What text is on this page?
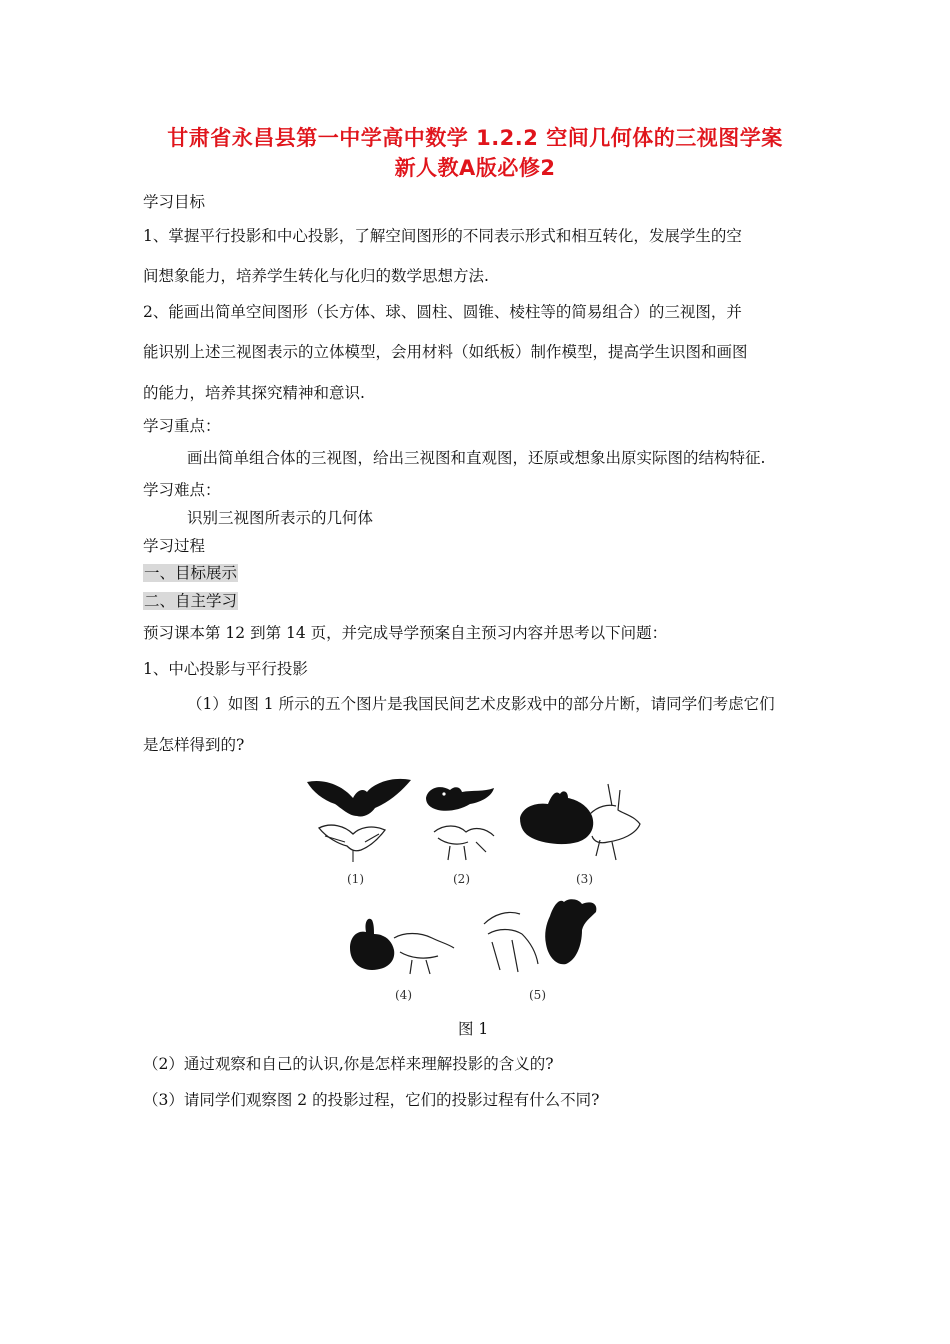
甘肃省永昌县第一中学高中数学 1.2.2 空间几何体的三视图学案
新人教A版必修2
学习目标
1、掌握平行投影和中心投影，了解空间图形的不同表示形式和相互转化，发展学生的空
间想象能力，培养学生转化与化归的数学思想方法.
2、能画出简单空间图形（长方体、球、圆柱、圆锥、棱柱等的简易组合）的三视图，并
能识别上述三视图表示的立体模型，会用材料（如纸板）制作模型，提高学生识图和画图
的能力，培养其探究精神和意识.
学习重点：
画出简单组合体的三视图，给出三视图和直观图，还原或想象出原实际图的结构特征.
学习难点：
识别三视图所表示的几何体
学习过程
一、目标展示
二、自主学习
预习课本第 12 到第 14 页，并完成导学预案自主预习内容并思考以下问题：
1、中心投影与平行投影
（1）如图 1 所示的五个图片是我国民间艺术皮影戏中的部分片断，请同学们考虑它们
是怎样得到的?
(1)	(2)	(3)
(4)	(5)
图 1
（2）通过观察和自己的认识,你是怎样来理解投影的含义的?
（3）请同学们观察图 2 的投影过程，它们的投影过程有什么不同?
